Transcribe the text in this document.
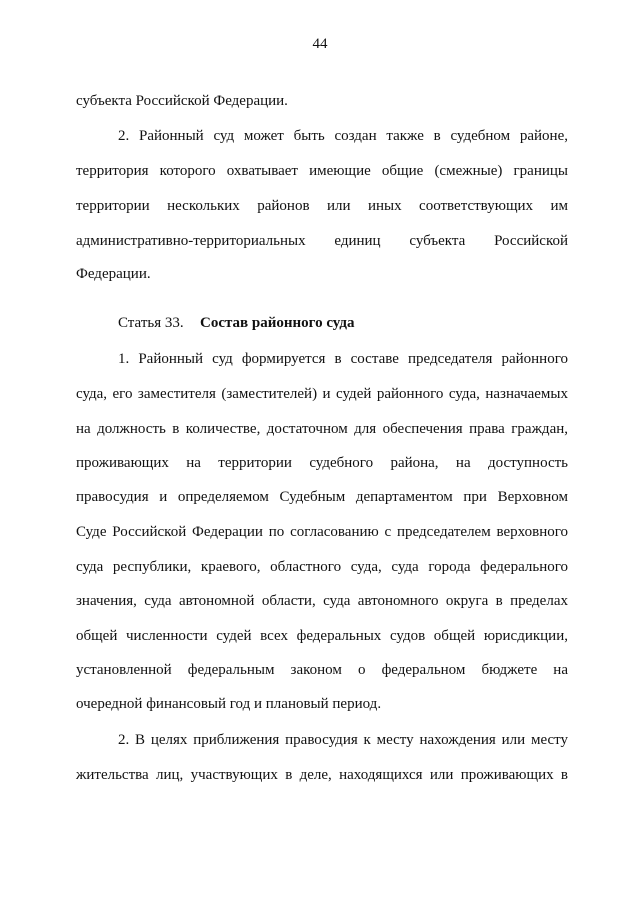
44
субъекта Российской Федерации.
2. Районный суд может быть создан также в судебном районе,
территория которого охватывает имеющие общие (смежные) границы
территории нескольких районов или иных соответствующих им
административно-территориальных единиц субъекта Российской
Федерации.
Статья 33. Состав районного суда
1. Районный суд формируется в составе председателя районного
суда, его заместителя (заместителей) и судей районного суда, назначаемых
на должность в количестве, достаточном для обеспечения права граждан,
проживающих на территории судебного района, на доступность
правосудия и определяемом Судебным департаментом при Верховном
Суде Российской Федерации по согласованию с председателем верховного
суда республики, краевого, областного суда, суда города федерального
значения, суда автономной области, суда автономного округа в пределах
общей численности судей всех федеральных судов общей юрисдикции,
установленной федеральным законом о федеральном бюджете на
очередной финансовый год и плановый период.
2. В целях приближения правосудия к месту нахождения или месту
жительства лиц, участвующих в деле, находящихся или проживающих в
